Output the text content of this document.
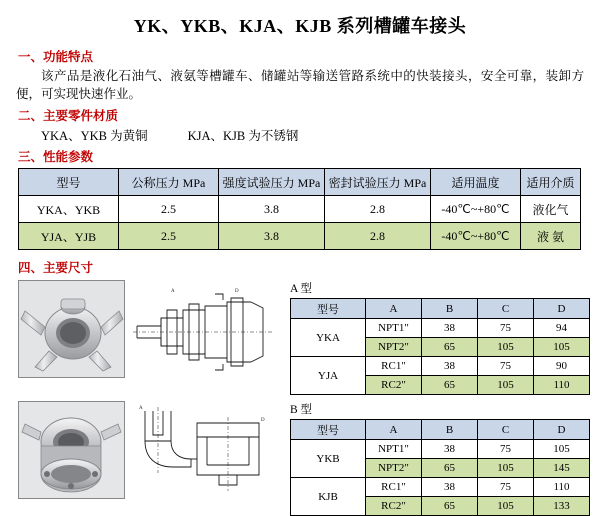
YK、YKB、KJA、KJB 系列槽罐车接头
一、功能特点
该产品是液化石油气、液氨等槽罐车、储罐站等输送管路系统中的快装接头，安全可靠，装卸方便，可实现快速作业。
二、主要零件材质
YKA、YKB 为黄铜	KJA、KJB 为不锈钢
三、性能参数
型号	公称压力 MPa	强度试验压力 MPa	密封试验压力 MPa	适用温度	适用介质
YKA、YKB	2.5	3.8	2.8	-40℃~+80℃	液化气
YJA、YJB	2.5	3.8	2.8	-40℃~+80℃	液 氨
四、主要尺寸
A	D	A 型
型号	A	B	C	D
YKA	NPT1"	38	75	94
	NPT2"	65	105	105
YJA	RC1"	38	75	90
	RC2"	65	105	110
A
D
B 型
型号	A	B	C	D
YKB	NPT1"	38	75	105
	NPT2"	65	105	145
KJB	RC1"	38	75	110
	RC2"	65	105	133
